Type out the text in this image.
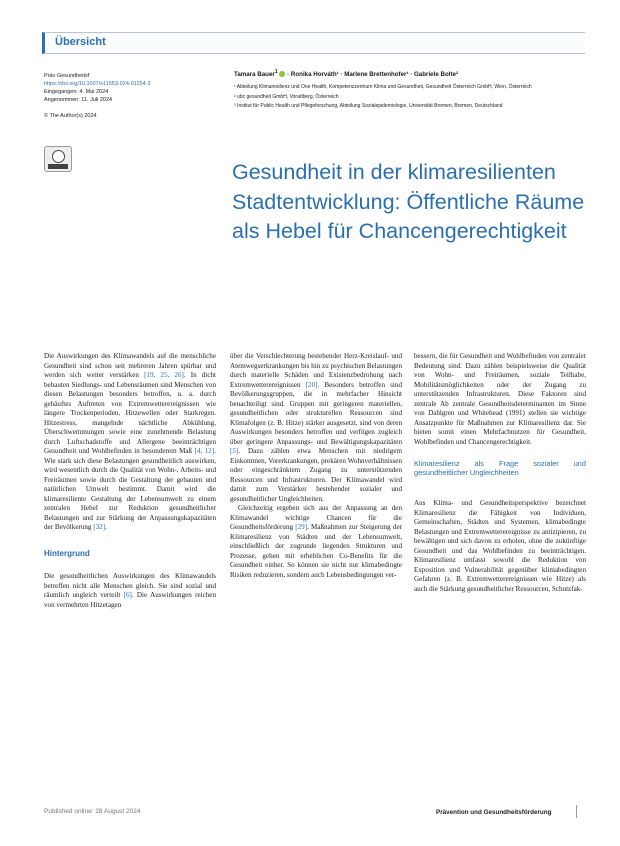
Übersicht
Präv Gesundheitsf
https://doi.org/10.1007/s11553-024-01154-3
Eingegangen: 4. Mai 2024
Angenommen: 11. Juli 2024
© The Author(s) 2024
Tamara Bauer$^1$  · Ronika Horváth¹ · Marlene Brettenhofer¹ · Gabriele Bolte²
¹ Abteilung Klimaresilienz und One Health, Kompetenzzentrum Klima und Gesundheit, Gesundheit Österreich GmbH, Wien, Österreich
² ubc gesundheit GmbH, Vorarlberg, Österreich
³ Institut für Public Health und Pflegeforschung, Abteilung Sozialepidemiologie, Universität Bremen, Bremen, Deutschland
Gesundheit in der klimaresilienten Stadtentwicklung: Öffentliche Räume als Hebel für Chancengerechtigkeit

Die Auswirkungen des Klimawandels auf die menschliche Gesundheit sind schon seit mehreren Jahren spürbar und werden sich weiter verstärken [19, 25, 26]. In dicht bebauten Siedlungs- und Lebensräumen sind Menschen von diesen Belastungen besonders betroffen, u. a. durch gehäuftes Auftreten von Extremwetterereignissen wie längere Trockenperioden, Hitzewellen oder Starkregen. Hitzestress, mangelnde nächtliche Abkühlung, Überschwemmungen sowie eine zunehmende Belastung durch Luftschadstoffe und Allergene beeinträchtigen Gesundheit und Wohlbefinden in besonderem Maß [4, 12]. Wie stark sich diese Belastungen gesundheitlich auswirken, wird wesentlich durch die Qualität von Wohn-, Arbeits- und Freiräumen sowie durch die Gestaltung der gebauten und natürlichen Umwelt bestimmt. Damit wird die klimaresiliente Gestaltung der Lebensumwelt zu einem zentralen Hebel zur Reduktion gesundheitlicher Belastungen und zur Stärkung der Anpassungskapazitäten der Bevölkerung [32].

Hintergrund

Die gesundheitlichen Auswirkungen des Klimawandels betreffen nicht alle Menschen gleich. Sie sind sozial und räumlich ungleich verteilt [6]. Die Auswirkungen reichen von vermehrten Hitzetagen

über die Verschlechterung bestehender Herz-Kreislauf- und Atemwegserkrankungen bis hin zu psychischen Belastungen durch materielle Schäden und Existenzbedrohung nach Extremwetterereignissen [20]. Besonders betroffen sind Bevölkerungsgruppen, die in mehrfacher Hinsicht benachteiligt sind. Gruppen mit geringeren materiellen, gesundheitlichen oder strukturellen Ressourcen sind Klimafolgen (z. B. Hitze) stärker ausgesetzt, sind von deren Auswirkungen besonders betroffen und verfügen zugleich über geringere Anpassungs- und Bewältigungskapazitäten [5]. Dazu zählen etwa Menschen mit niedrigem Einkommen, Vorerkrankungen, prekären Wohnverhältnissen oder eingeschränktem Zugang zu unterstützenden Ressourcen und Infrastrukturen. Der Klimawandel wird damit zum Verstärker bestehender sozialer und gesundheitlicher Ungleichheiten.

Gleichzeitig ergeben sich aus der Anpassung an den Klimawandel wichtige Chancen für die Gesundheitsförderung [29]. Maßnahmen zur Steigerung der Klimaresilienz von Städten und der Lebensumwelt, einschließlich der zugrunde liegenden Strukturen und Prozesse, gehen mit erheblichen Co-Benefits für die Gesundheit einher. So können sie nicht nur klimabedingte Risiken reduzieren, sondern auch Lebensbedingungen ver-

bessern, die für Gesundheit und Wohlbefinden von zentraler Bedeutung sind. Dazu zählen beispielsweise die Qualität von Wohn- und Freiräumen, soziale Teilhabe, Mobilitätsmöglichkeiten oder der Zugang zu unterstützenden Infrastrukturen. Diese Faktoren sind zentrale Ab zentrale Gesundheitsdeterminanten im Sinne von Dahlgren und Whitehead (1991) stellen sie wichtige Ansatzpunkte für Maßnahmen zur Klimaresilienz dar. Sie bieten somit einen Mehrfachnutzen für Gesundheit, Wohlbefinden und Chancengerechtigkeit.

Klimaresilienz als Frage sozialer und gesundheitlicher Ungleichheiten

Aus Klima- und Gesundheitsperspektive bezeichnet Klimaresilienz die Fähigkeit von Individuen, Gemeinschaften, Städten und Systemen, klimabedingte Belastungen und Extremwetterereignisse zu antizipieren, zu bewältigen und sich davon zu erholen, ohne die zukünftige Gesundheit und das Wohlbefinden zu beeinträchtigen. Klimaresilienz umfasst sowohl die Reduktion von Exposition und Vulnerabilität gegenüber klimabedingten Gefahren (z. B. Extremwetterereignissen wie Hitze) als auch die Stärkung gesundheitlicher Ressourcen, Schutzfak-

Published online: 28 August 2024	Prävention und Gesundheitsförderung
